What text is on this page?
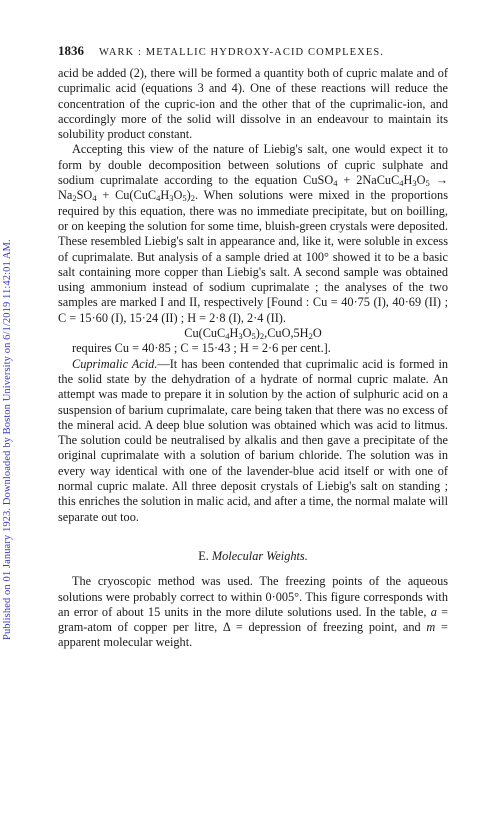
Published on 01 January 1923. Downloaded by Boston University on 6/1/2019 11:42:01 AM.
1836 WARK : METALLIC HYDROXY-ACID COMPLEXES.

acid be added (2), there will be formed a quantity both of cupric malate and of cuprimalic acid (equations 3 and 4). One of these reactions will reduce the concentration of the cupric-ion and the other that of the cuprimalic-ion, and accordingly more of the solid will dissolve in an endeavour to maintain its solubility product constant.

Accepting this view of the nature of Liebig's salt, one would expect it to form by double decomposition between solutions of cupric sulphate and sodium cuprimalate according to the equation CuSO$_4$ + $2NaCuC_4H_3O_5 \to Na_2SO_4 + Cu(CuC_4H_3O_5)_2$. When solutions were mixed in the proportions required by this equation, there was no immediate precipitate, but on boilling, or on keeping the solution for some time, bluish-green crystals were deposited. These resembled Liebig's salt in appearance and, like it, were soluble in excess of cuprimalate. But analysis of a sample dried at 100° showed it to be a basic salt containing more copper than Liebig's salt. A second sample was obtained using ammonium instead of sodium cuprimalate ; the analyses of the two samples are marked I and II, respectively [Found : Cu = 40·75 (I), 40·69 (II) ; C = 15·60 (I), 15·24 (II) ; H = 2·8 (I), 2·4 (II).

$Cu(CuC_4H_3O_5)_2,CuO,5H_2O$

requires Cu = 40·85 ; C = 15·43 ; H = 2·6 per cent.].

Cuprimalic Acid.—It has been contended that cuprimalic acid is formed in the solid state by the dehydration of a hydrate of normal cupric malate. An attempt was made to prepare it in solution by the action of sulphuric acid on a suspension of barium cuprimalate, care being taken that there was no excess of the mineral acid. A deep blue solution was obtained which was acid to litmus. The solution could be neutralised by alkalis and then gave a precipitate of the original cuprimalate with a solution of barium chloride. The solution was in every way identical with one of the lavender-blue acid itself or with one of normal cupric malate. All three deposit crystals of Liebig's salt on standing ; this enriches the solution in malic acid, and after a time, the normal malate will separate out too.

E. Molecular Weights.

The cryoscopic method was used. The freezing points of the aqueous solutions were probably correct to within 0·005°. This figure corresponds with an error of about 15 units in the more dilute solutions used. In the table, a = gram-atom of copper per litre, Δ = depression of freezing point, and m = apparent molecular weight.
